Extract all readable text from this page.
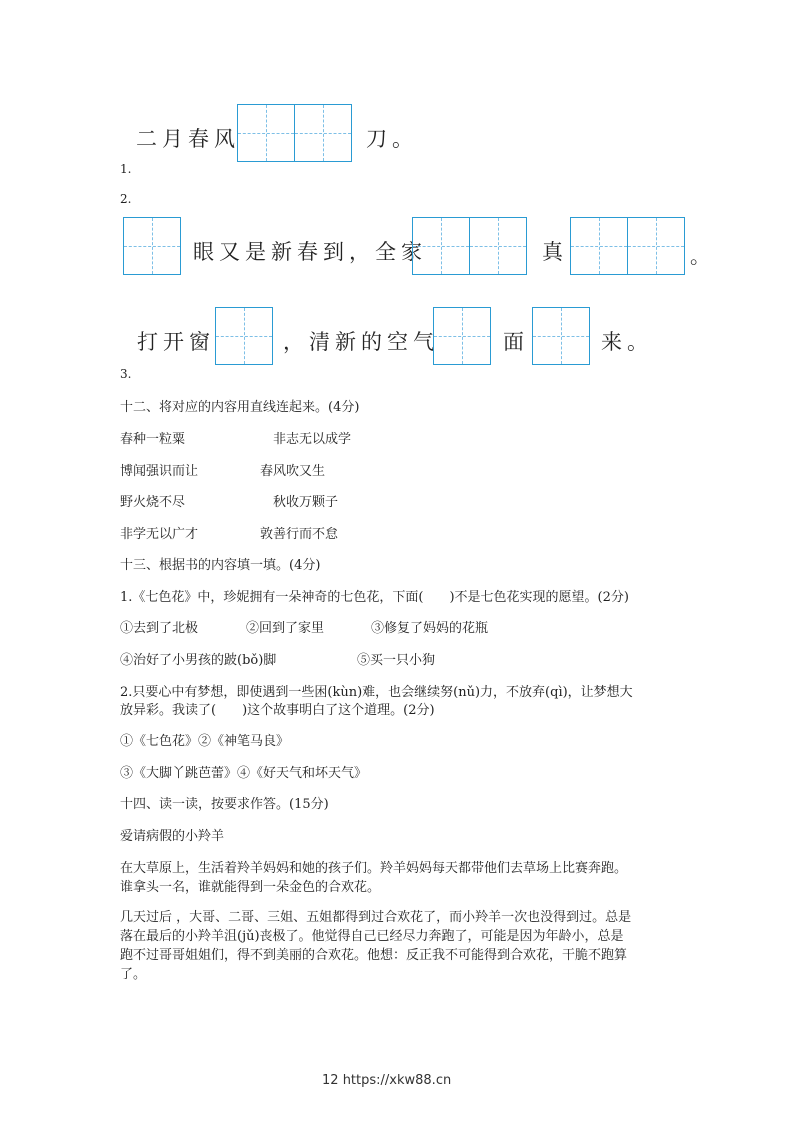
二月春风	刀。
1.
2.
眼又是新春到，全家	真	。
打开窗	，清新的空气	面	来。
3.
十二、将对应的内容用直线连起来。(4分)
春种一粒粟	非志无以成学
博闻强识而让	春风吹又生
野火烧不尽	秋收万颗子
非学无以广才	敦善行而不怠
十三、根据书的内容填一填。(4分)
1.《七色花》中，珍妮拥有一朵神奇的七色花，下面(　　)不是七色花实现的愿望。(2分)
①去到了北极	②回到了家里	③修复了妈妈的花瓶
④治好了小男孩的跛(bǒ)脚	⑤买一只小狗
2.只要心中有梦想，即使遇到一些困(kùn)难，也会继续努(nǔ)力，不放弃(qì)，让梦想大
放异彩。我读了(　　)这个故事明白了这个道理。(2分)
①《七色花》②《神笔马良》
③《大脚丫跳芭蕾》④《好天气和坏天气》
十四、读一读，按要求作答。(15分)
爱请病假的小羚羊
在大草原上，生活着羚羊妈妈和她的孩子们。羚羊妈妈每天都带他们去草场上比赛奔跑。
谁拿头一名，谁就能得到一朵金色的合欢花。
几天过后 ，大哥、二哥、三姐、五姐都得到过合欢花了，而小羚羊一次也没得到过。总是
落在最后的小羚羊沮(jǔ)丧极了。他觉得自己已经尽力奔跑了，可能是因为年龄小，总是
跑不过哥哥姐姐们，得不到美丽的合欢花。他想：反正我不可能得到合欢花，干脆不跑算
了。
12 https://xkw88.cn
